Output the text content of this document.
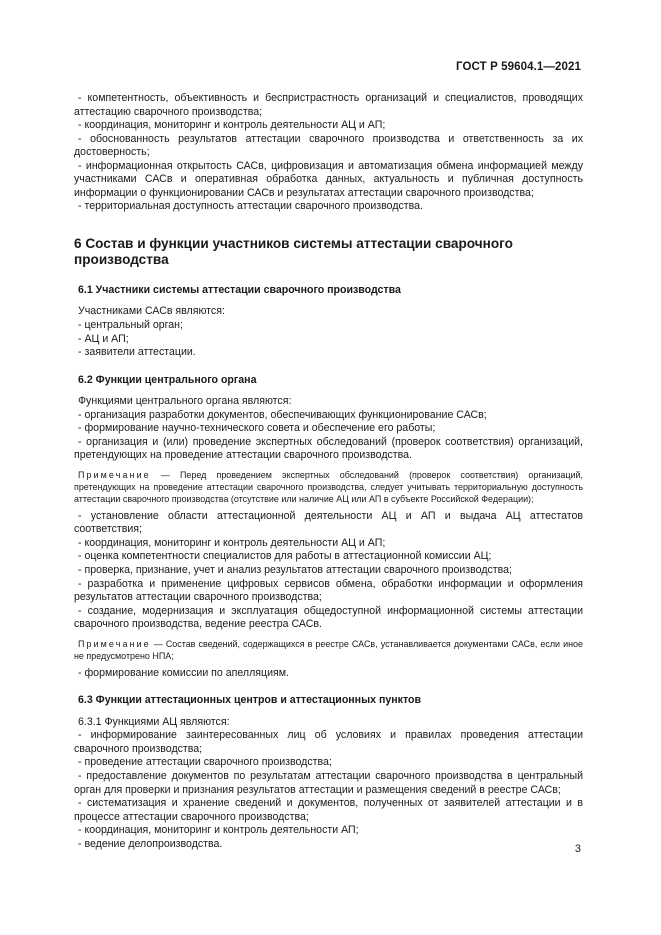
ГОСТ Р 59604.1—2021

- компетентность, объективность и беспристрастность организаций и специалистов, проводящих аттестацию сварочного производства;

- координация, мониторинг и контроль деятельности АЦ и АП;

- обоснованность результатов аттестации сварочного производства и ответственность за их достоверность;

- информационная открытость САСв, цифровизация и автоматизация обмена информацией между участниками САСв и оперативная обработка данных, актуальность и публичная доступность информации о функционировании САСв и результатах аттестации сварочного производства;

- территориальная доступность аттестации сварочного производства.

6 Состав и функции участников системы аттестации сварочного производства
6.1 Участники системы аттестации сварочного производства

Участниками САСв являются:

- центральный орган;

- АЦ и АП;

- заявители аттестации.

6.2 Функции центрального органа

Функциями центрального органа являются:

- организация разработки документов, обеспечивающих функционирование САСв;

- формирование научно-технического совета и обеспечение его работы;

- организация и (или) проведение экспертных обследований (проверок соответствия) организаций, претендующих на проведение аттестации сварочного производства.

Примечание — Перед проведением экспертных обследований (проверок соответствия) организаций, претендующих на проведение аттестации сварочного производства, следует учитывать территориальную доступность аттестации сварочного производства (отсутствие или наличие АЦ или АП в субъекте Российской Федерации);

- установление области аттестационной деятельности АЦ и АП и выдача АЦ аттестатов соответствия;

- координация, мониторинг и контроль деятельности АЦ и АП;

- оценка компетентности специалистов для работы в аттестационной комиссии АЦ;

- проверка, признание, учет и анализ результатов аттестации сварочного производства;

- разработка и применение цифровых сервисов обмена, обработки информации и оформления результатов аттестации сварочного производства;

- создание, модернизация и эксплуатация общедоступной информационной системы аттестации сварочного производства, ведение реестра САСв.

Примечание — Состав сведений, содержащихся в реестре САСв, устанавливается документами САСв, если иное не предусмотрено НПА;

- формирование комиссии по апелляциям.

6.3 Функции аттестационных центров и аттестационных пунктов

6.3.1 Функциями АЦ являются:

- информирование заинтересованных лиц об условиях и правилах проведения аттестации сварочного производства;

- проведение аттестации сварочного производства;

- предоставление документов по результатам аттестации сварочного производства в центральный орган для проверки и признания результатов аттестации и размещения сведений в реестре САСв;

- систематизация и хранение сведений и документов, полученных от заявителей аттестации и в процессе аттестации сварочного производства;

- координация, мониторинг и контроль деятельности АП;

- ведение делопроизводства.	3
